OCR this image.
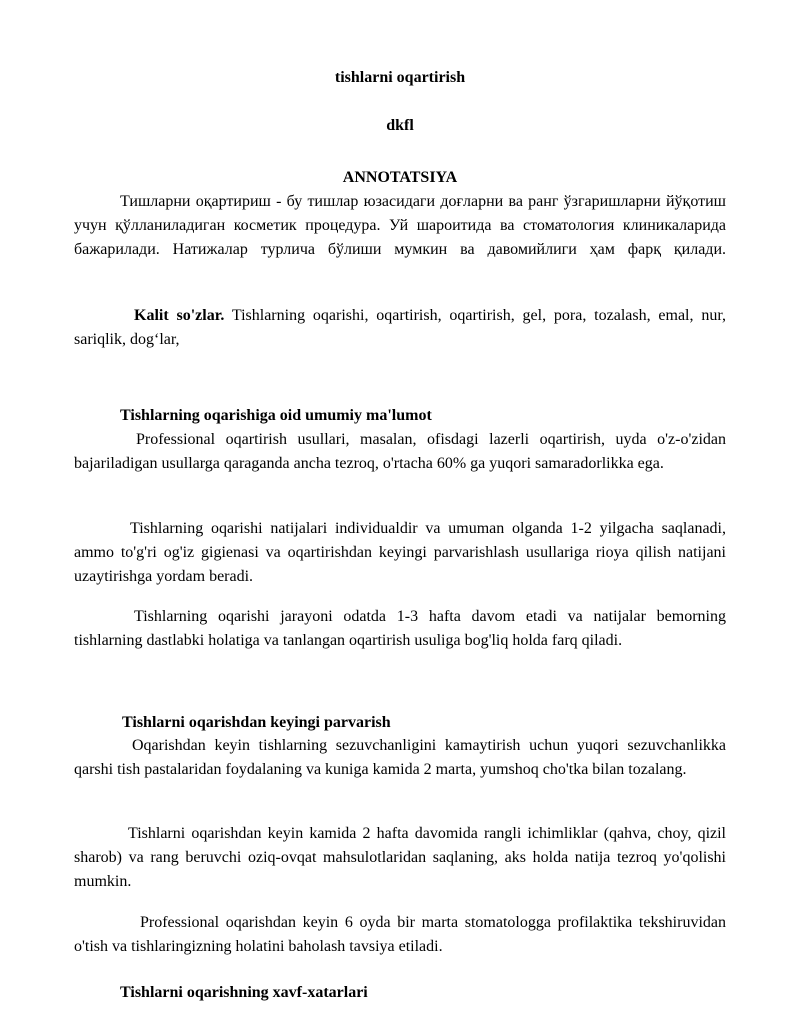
tishlarni oqartirish
dkfl
ANNOTATSIYA
Тишларни оқартириш - бу тишлар юзасидаги доғларни ва ранг ўзгаришларни йўқотиш учун қўлланиладиган косметик процедура. Уй шароитида ва стоматология клиникаларида бажарилади. Натижалар турлича бўлиши мумкин ва давомийлиги ҳам фарқ қилади.
Kalit so'zlar. Tishlarning oqarishi, oqartirish, oqartirish, gel, pora, tozalash, emal, nur, sariqlik, dog‘lar,
Tishlarning oqarishiga oid umumiy ma'lumot
Professional oqartirish usullari, masalan, ofisdagi lazerli oqartirish, uyda o'z-o'zidan bajariladigan usullarga qaraganda ancha tezroq, o'rtacha 60% ga yuqori samaradorlikka ega.
Tishlarning oqarishi natijalari individualdir va umuman olganda 1-2 yilgacha saqlanadi, ammo to'g'ri og'iz gigienasi va oqartirishdan keyingi parvarishlash usullariga rioya qilish natijani uzaytirishga yordam beradi.
Tishlarning oqarishi jarayoni odatda 1-3 hafta davom etadi va natijalar bemorning tishlarning dastlabki holatiga va tanlangan oqartirish usuliga bog'liq holda farq qiladi.
Tishlarni oqarishdan keyingi parvarish
Oqarishdan keyin tishlarning sezuvchanligini kamaytirish uchun yuqori sezuvchanlikka qarshi tish pastalaridan foydalaning va kuniga kamida 2 marta, yumshoq cho'tka bilan tozalang.
Tishlarni oqarishdan keyin kamida 2 hafta davomida rangli ichimliklar (qahva, choy, qizil sharob) va rang beruvchi oziq-ovqat mahsulotlaridan saqlaning, aks holda natija tezroq yo'qolishi mumkin.
Professional oqarishdan keyin 6 oyda bir marta stomatologga profilaktika tekshiruvidan o'tish va tishlaringizning holatini baholash tavsiya etiladi.
Tishlarni oqarishning xavf-xatarlari
